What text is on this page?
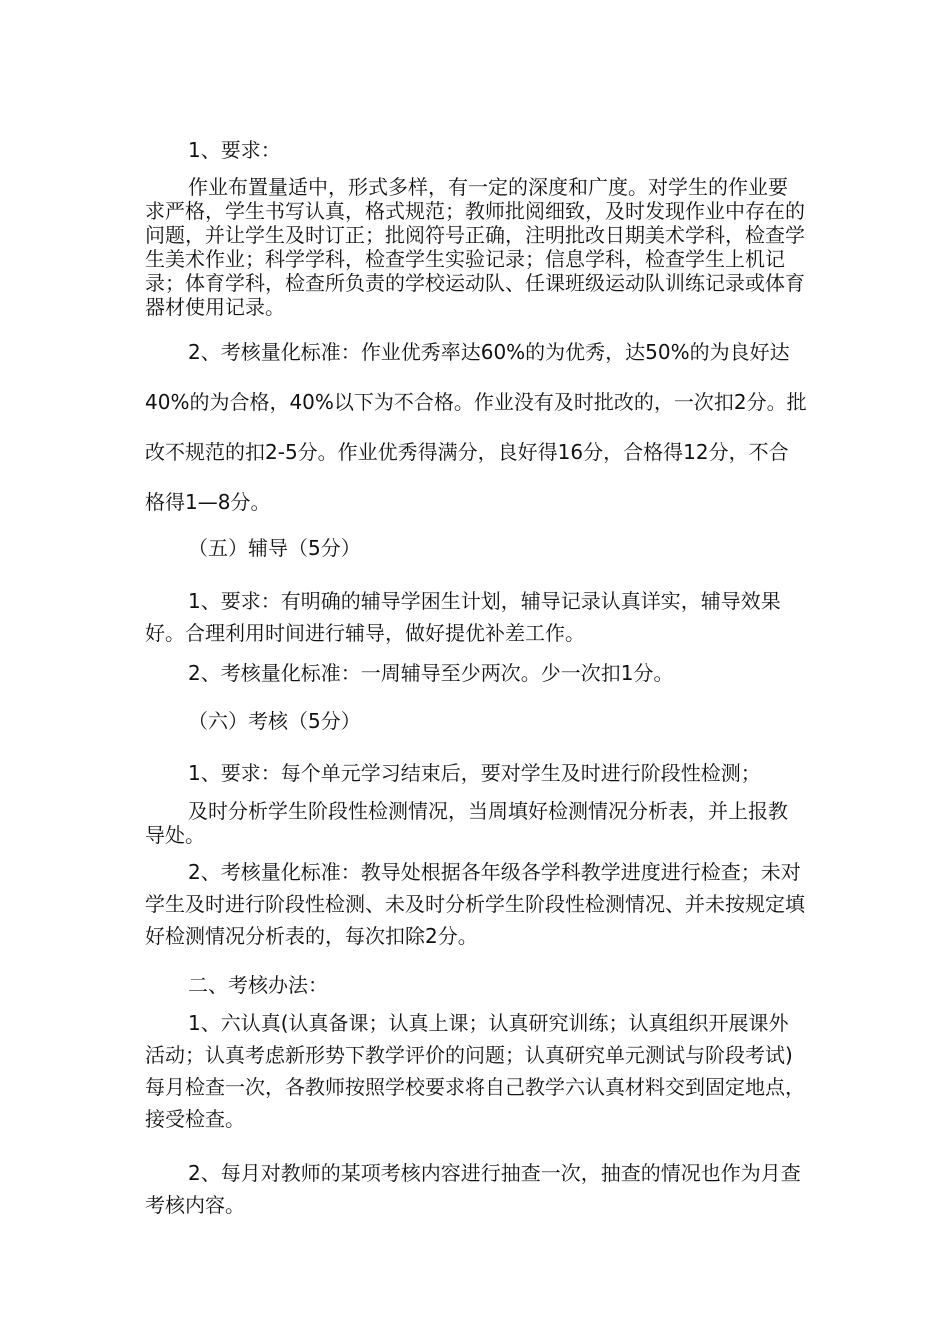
1、要求：

作业布置量适中，形式多样，有一定的深度和广度。对学生的作业要求严格，学生书写认真，格式规范；教师批阅细致，及时发现作业中存在的问题，并让学生及时订正；批阅符号正确，注明批改日期美术学科，检查学生美术作业；科学学科，检查学生实验记录；信息学科，检查学生上机记录；体育学科，检查所负责的学校运动队、任课班级运动队训练记录或体育器材使用记录。

2、考核量化标准：作业优秀率达60%的为优秀，达50%的为良好达40%的为合格，40%以下为不合格。作业没有及时批改的，一次扣2分。批改不规范的扣2-5分。作业优秀得满分，良好得16分，合格得12分，不合格得1—8分。

（五）辅导（5分）

1、要求：有明确的辅导学困生计划，辅导记录认真详实，辅导效果好。合理利用时间进行辅导，做好提优补差工作。

2、考核量化标准：一周辅导至少两次。少一次扣1分。

（六）考核（5分）

1、要求：每个单元学习结束后，要对学生及时进行阶段性检测；

及时分析学生阶段性检测情况，当周填好检测情况分析表，并上报教导处。

2、考核量化标准：教导处根据各年级各学科教学进度进行检查；未对学生及时进行阶段性检测、未及时分析学生阶段性检测情况、并未按规定填好检测情况分析表的，每次扣除2分。

二、考核办法：

1、六认真(认真备课；认真上课；认真研究训练；认真组织开展课外活动；认真考虑新形势下教学评价的问题；认真研究单元测试与阶段考试)每月检查一次，各教师按照学校要求将自己教学六认真材料交到固定地点，接受检查。

2、每月对教师的某项考核内容进行抽查一次，抽查的情况也作为月查考核内容。
